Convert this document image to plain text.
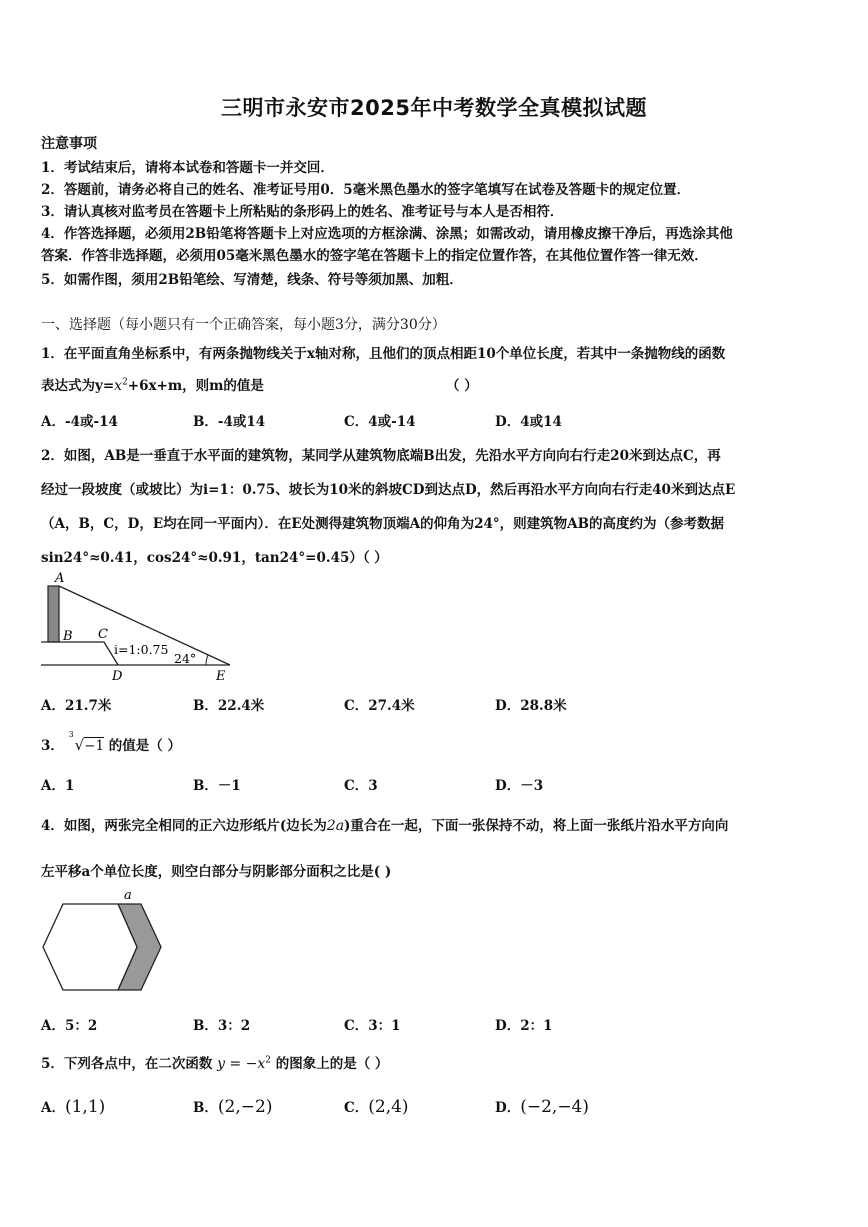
三明市永安市2025年中考数学全真模拟试题
注意事项
1．考试结束后，请将本试卷和答题卡一并交回．
2．答题前，请务必将自己的姓名、准考证号用0．5毫米黑色墨水的签字笔填写在试卷及答题卡的规定位置．
3．请认真核对监考员在答题卡上所粘贴的条形码上的姓名、准考证号与本人是否相符．
4．作答选择题，必须用2B铅笔将答题卡上对应选项的方框涂满、涂黑；如需改动，请用橡皮擦干净后，再选涂其他
答案．作答非选择题，必须用05毫米黑色墨水的签字笔在答题卡上的指定位置作答，在其他位置作答一律无效．
5．如需作图，须用2B铅笔绘、写清楚，线条、符号等须加黑、加粗．
一、选择题（每小题只有一个正确答案，每小题3分，满分30分）
1．在平面直角坐标系中，有两条抛物线关于x轴对称，且他们的顶点相距10个单位长度，若其中一条抛物线的函数
表达式为$y=x^2+6x+m$，则m的值是	（ ）
A．-4或-14	B．-4或14	C．4或-14	D．4或14
2．如图，AB是一垂直于水平面的建筑物，某同学从建筑物底端B出发，先沿水平方向向右行走20米到达点C，再
经过一段坡度（或坡比）为i=1：0.75、坡长为10米的斜坡CD到达点D，然后再沿水平方向向右行走40米到达点E
（A，B，C，D，E均在同一平面内）．在E处测得建筑物顶端A的仰角为24°，则建筑物AB的高度约为（参考数据
sin24°≈0.41，cos24°≈0.91，tan24°=0.45）（ ）
A
B C
D	E
i=1:0.75
24°
A．21.7米	B．22.4米	C．27.4米	D．28.8米
3．
3
√−1 的值是（ ）
A．1	B．－1	C．3	D．－3
4．如图，两张完全相同的正六边形纸片(边长为2a)重合在一起，下面一张保持不动，将上面一张纸片沿水平方向向
左平移a个单位长度，则空白部分与阴影部分面积之比是( )
a
A．5：2	B．3：2	C．3：1	D．2：1
5．下列各点中，在二次函数 $y = -x^2$ 的图象上的是（ ）
A．(1,1)	B．(2,−2)	C．(2,4)	D．(−2,−4)
